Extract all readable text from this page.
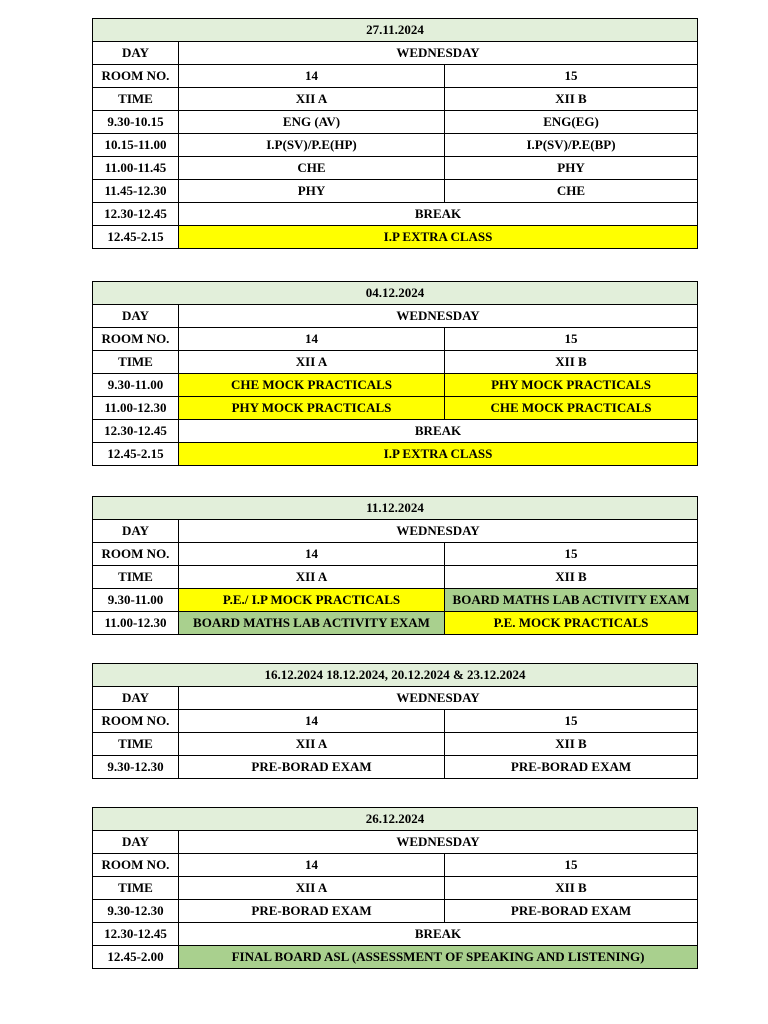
27.11.2024		
DAY	WEDNESDAY	
ROOM NO.	14	15
TIME	XII A	XII B
9.30-10.15	ENG (AV)	ENG(EG)
10.15-11.00	I.P(SV)/P.E(HP)	I.P(SV)/P.E(BP)
11.00-11.45	CHE	PHY
11.45-12.30	PHY	CHE
12.30-12.45	BREAK	
12.45-2.15	I.P EXTRA CLASS	
04.12.2024		
DAY	WEDNESDAY	
ROOM NO.	14	15
TIME	XII A	XII B
9.30-11.00	CHE MOCK PRACTICALS	PHY MOCK PRACTICALS
11.00-12.30	PHY MOCK PRACTICALS	CHE MOCK PRACTICALS
12.30-12.45	BREAK	
12.45-2.15	I.P EXTRA CLASS	
11.12.2024		
DAY	WEDNESDAY	
ROOM NO.	14	15
TIME	XII A	XII B
9.30-11.00	P.E./ I.P MOCK PRACTICALS	BOARD MATHS LAB ACTIVITY EXAM
11.00-12.30	BOARD MATHS LAB ACTIVITY EXAM	P.E. MOCK PRACTICALS
16.12.2024 18.12.2024, 20.12.2024 & 23.12.2024		
DAY	WEDNESDAY	
ROOM NO.	14	15
TIME	XII A	XII B
9.30-12.30	PRE-BORAD EXAM	PRE-BORAD EXAM
26.12.2024		
DAY	WEDNESDAY	
ROOM NO.	14	15
TIME	XII A	XII B
9.30-12.30	PRE-BORAD EXAM	PRE-BORAD EXAM
12.30-12.45	BREAK	
12.45-2.00	FINAL BOARD ASL (ASSESSMENT OF SPEAKING AND LISTENING)	
